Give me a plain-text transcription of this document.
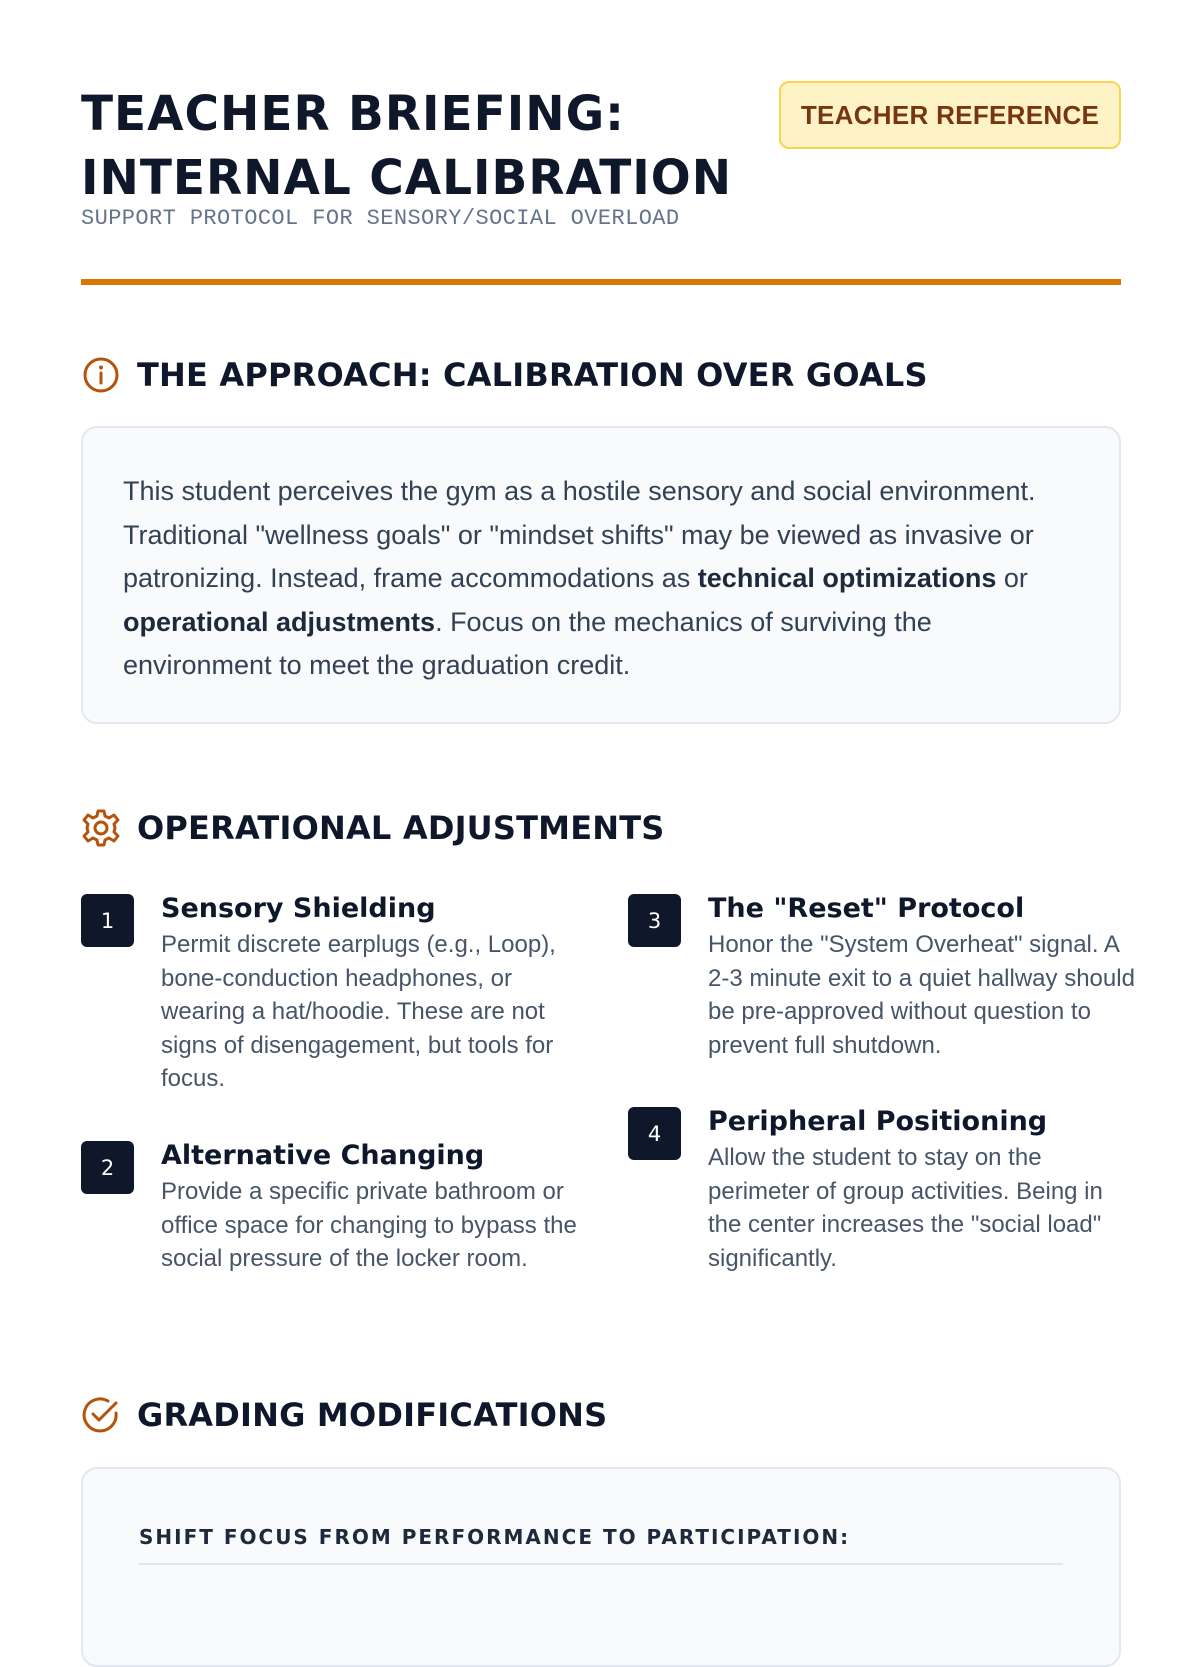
TEACHER BRIEFING:
INTERNAL CALIBRATION
SUPPORT PROTOCOL FOR SENSORY/SOCIAL OVERLOAD
TEACHER REFERENCE
THE APPROACH: CALIBRATION OVER GOALS
This student perceives the gym as a hostile sensory and social environment. Traditional "wellness goals" or "mindset shifts" may be viewed as invasive or patronizing. Instead, frame accommodations as technical optimizations or operational adjustments. Focus on the mechanics of surviving the environment to meet the graduation credit.
OPERATIONAL ADJUSTMENTS
1	Sensory Shielding

Permit discrete earplugs (e.g., Loop), bone-conduction headphones, or wearing a hat/hoodie. These are not signs of disengagement, but tools for focus.

2	Alternative Changing

Provide a specific private bathroom or office space for changing to bypass the social pressure of the locker room.

3	The "Reset" Protocol

Honor the "System Overheat" signal. A 2-3 minute exit to a quiet hallway should be pre-approved without question to prevent full shutdown.

4	Peripheral Positioning

Allow the student to stay on the perimeter of group activities. Being in the center increases the "social load" significantly.

GRADING MODIFICATIONS
SHIFT FOCUS FROM PERFORMANCE TO PARTICIPATION:
